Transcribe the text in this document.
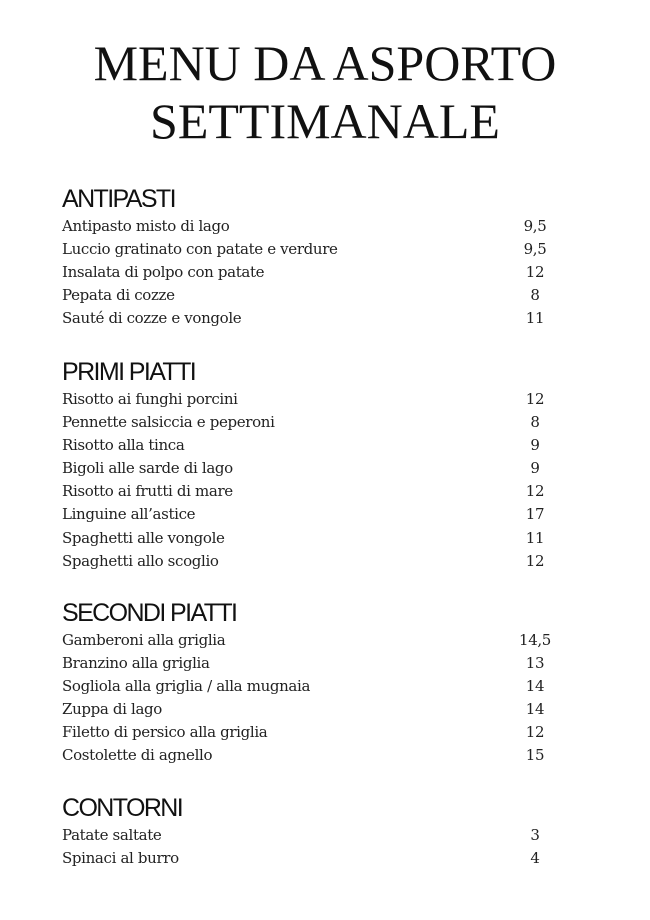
MENU DA ASPORTO
SETTIMANALE
ANTIPASTI
Antipasto misto di lago	9,5
Luccio gratinato con patate e verdure	9,5
Insalata di polpo con patate	12
Pepata di cozze	8
Sauté di cozze e vongole	11
PRIMI PIATTI
Risotto ai funghi porcini	12
Pennette salsiccia e peperoni	8
Risotto alla tinca	9
Bigoli alle sarde di lago	9
Risotto ai frutti di mare	12
Linguine all’astice	17
Spaghetti alle vongole	11
Spaghetti allo scoglio	12
SECONDI PIATTI
Gamberoni alla griglia	14,5
Branzino alla griglia	13
Sogliola alla griglia / alla mugnaia	14
Zuppa di lago	14
Filetto di persico alla griglia	12
Costolette di agnello	15
CONTORNI
Patate saltate	3
Spinaci al burro	4
